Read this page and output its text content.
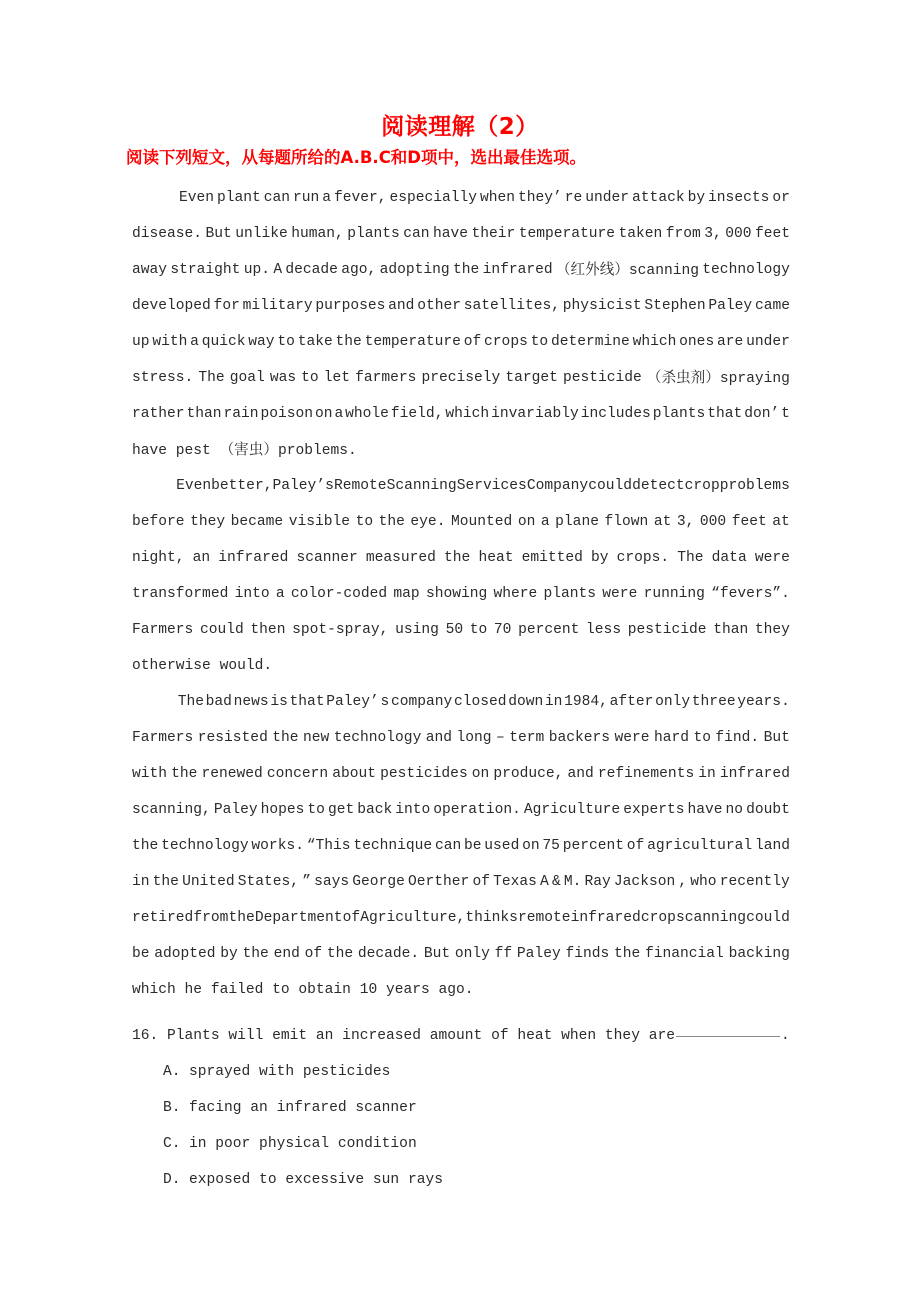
阅读理解（2）
阅读下列短文，从每题所给的A.B.C和D项中，选出最佳选项。
Even plant can run a fever, especially when they’ re under attack by insects or
disease. But unlike human, plants can have their temperature taken from 3, 000 feet
away straight up. A decade ago, adopting the infrared （红外线）scanning technology
developed for military purposes and other satellites, physicist Stephen Paley came
up with a quick way to take the temperature of crops to determine which ones are under
stress. The goal was to let farmers precisely target pesticide （杀虫剂）spraying
rather than rain poison on a whole field, which invariably includes plants that don’ t
have pest （害虫）problems.
Even better, Paley’ s Remote Scanning Services Company could detect crop problems
before they became visible to the eye. Mounted on a plane flown at 3, 000 feet at
night, an infrared scanner measured the heat emitted by crops. The data were
transformed into a color-coded map showing where plants were running “fevers”.
Farmers could then spot-spray, using 50 to 70 percent less pesticide than they
otherwise would.
The bad news is that Paley’ s company closed down in 1984, after only three years.
Farmers resisted the new technology and long – term backers were hard to find. But
with the renewed concern about pesticides on produce, and refinements in infrared
scanning, Paley hopes to get back into operation. Agriculture experts have no doubt
the technology works. “This technique can be used on 75 percent of agricultural land
in the United States, ” says George Oerther of Texas A & M. Ray Jackson , who recently
retired from the Department of Agriculture, thinks remote infrared crop scanning could
be adopted by the end of the decade. But only ff Paley finds the financial backing
which he failed to obtain 10 years ago.
16. Plants will emit an increased amount of heat when they are	.
A. sprayed with pesticides
B. facing an infrared scanner
C. in poor physical condition
D. exposed to excessive sun rays
